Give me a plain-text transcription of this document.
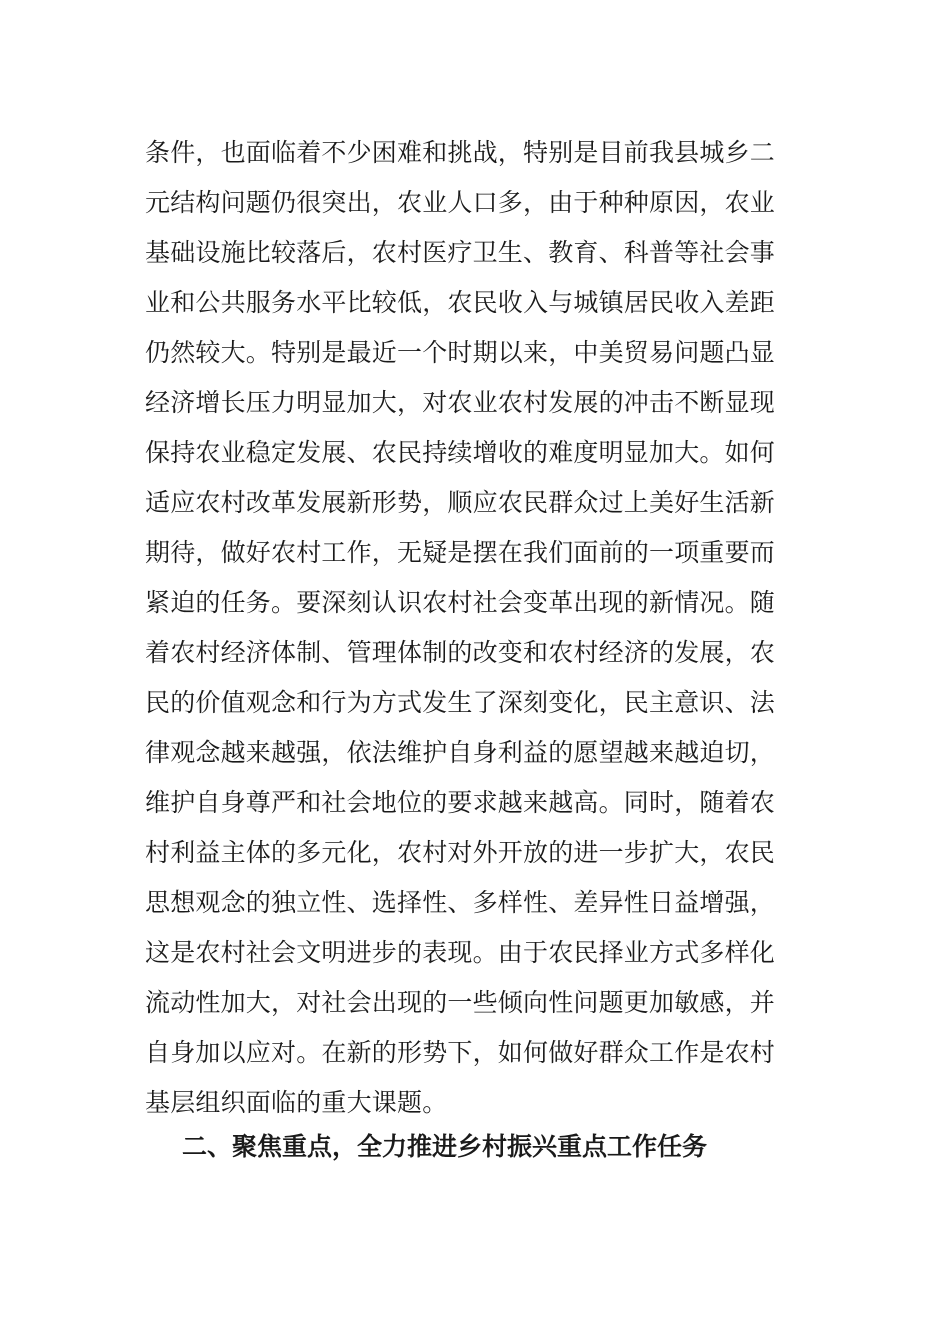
条件，也面临着不少困难和挑战，特别是目前我县城乡二
元结构问题仍很突出，农业人口多，由于种种原因，农业
基础设施比较落后，农村医疗卫生、教育、科普等社会事
业和公共服务水平比较低，农民收入与城镇居民收入差距
仍然较大。特别是最近一个时期以来，中美贸易问题凸显
经济增长压力明显加大，对农业农村发展的冲击不断显现
保持农业稳定发展、农民持续增收的难度明显加大。如何
适应农村改革发展新形势，顺应农民群众过上美好生活新
期待，做好农村工作，无疑是摆在我们面前的一项重要而
紧迫的任务。要深刻认识农村社会变革出现的新情况。随
着农村经济体制、管理体制的改变和农村经济的发展，农
民的价值观念和行为方式发生了深刻变化，民主意识、法
律观念越来越强，依法维护自身利益的愿望越来越迫切，
维护自身尊严和社会地位的要求越来越高。同时，随着农
村利益主体的多元化，农村对外开放的进一步扩大，农民
思想观念的独立性、选择性、多样性、差异性日益增强，
这是农村社会文明进步的表现。由于农民择业方式多样化
流动性加大，对社会出现的一些倾向性问题更加敏感，并
自身加以应对。在新的形势下，如何做好群众工作是农村
基层组织面临的重大课题。
二、聚焦重点，全力推进乡村振兴重点工作任务
